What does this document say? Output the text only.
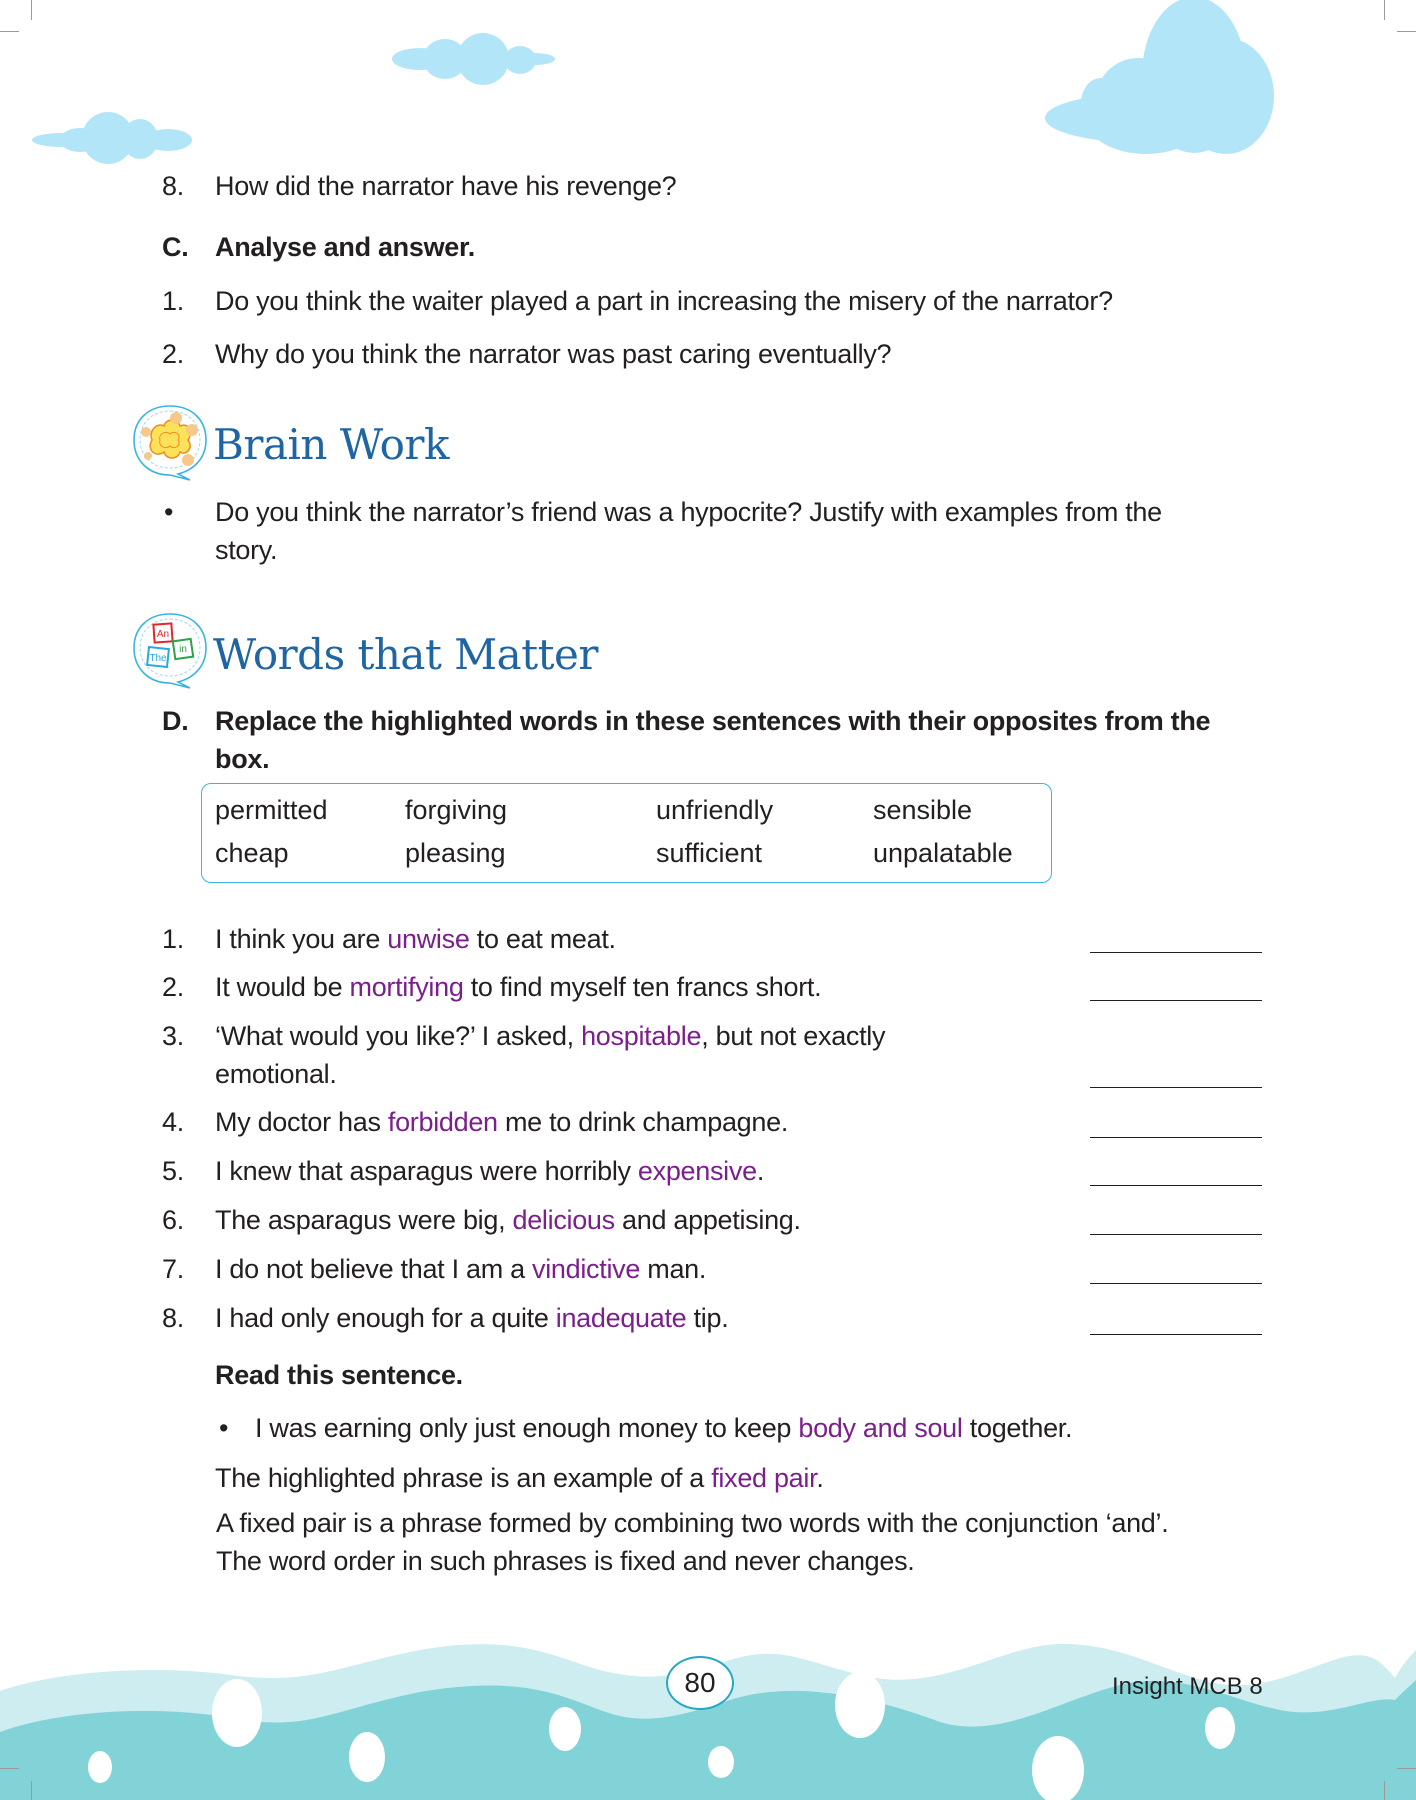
8. How did the narrator have his revenge?
C. Analyse and answer.
1. Do you think the waiter played a part in increasing the misery of the narrator?
2. Why do you think the narrator was past caring eventually?
Brain Work
• Do you think the narrator’s friend was a hypocrite? Justify with examples from the
story.
An
in
The Words that Matter
D. Replace the highlighted words in these sentences with their opposites from the
box.
permitted	forgiving	unfriendly	sensible
cheap	pleasing	sufficient	unpalatable
1. I think you are unwise to eat meat.
2. It would be mortifying to find myself ten francs short.
3. ‘What would you like?’ I asked, hospitable, but not exactly
emotional.
4. My doctor has forbidden me to drink champagne.
5. I knew that asparagus were horribly expensive.
6. The asparagus were big, delicious and appetising.
7. I do not believe that I am a vindictive man.
8. I had only enough for a quite inadequate tip.
Read this sentence.
• I was earning only just enough money to keep body and soul together.
The highlighted phrase is an example of a fixed pair.
A fixed pair is a phrase formed by combining two words with the conjunction ‘and’.
The word order in such phrases is fixed and never changes.
80	Insight MCB 8
